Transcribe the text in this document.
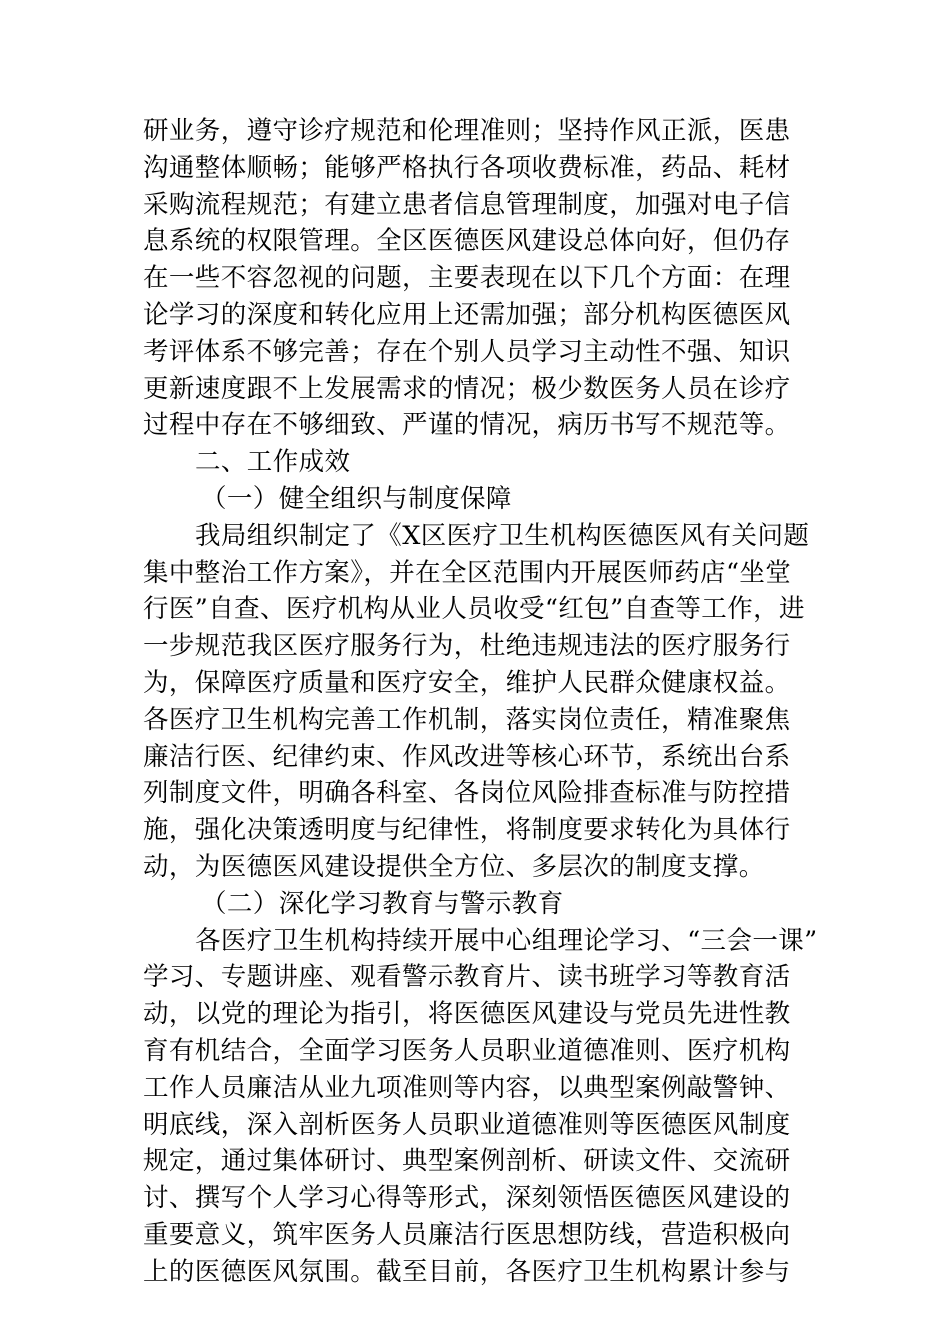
研业务，遵守诊疗规范和伦理准则；坚持作风正派，医患
沟通整体顺畅；能够严格执行各项收费标准，药品、耗材
采购流程规范；有建立患者信息管理制度，加强对电子信
息系统的权限管理。全区医德医风建设总体向好，但仍存
在一些不容忽视的问题，主要表现在以下几个方面：在理
论学习的深度和转化应用上还需加强；部分机构医德医风
考评体系不够完善；存在个别人员学习主动性不强、知识
更新速度跟不上发展需求的情况；极少数医务人员在诊疗
过程中存在不够细致、严谨的情况，病历书写不规范等。
二、工作成效
（一）健全组织与制度保障
我局组织制定了《X区医疗卫生机构医德医风有关问题
集中整治工作方案》，并在全区范围内开展医师药店“坐堂
行医”自查、医疗机构从业人员收受“红包”自查等工作，进
一步规范我区医疗服务行为，杜绝违规违法的医疗服务行
为，保障医疗质量和医疗安全，维护人民群众健康权益。
各医疗卫生机构完善工作机制，落实岗位责任，精准聚焦
廉洁行医、纪律约束、作风改进等核心环节，系统出台系
列制度文件，明确各科室、各岗位风险排查标准与防控措
施，强化决策透明度与纪律性，将制度要求转化为具体行
动，为医德医风建设提供全方位、多层次的制度支撑。
（二）深化学习教育与警示教育
各医疗卫生机构持续开展中心组理论学习、“三会一课”
学习、专题讲座、观看警示教育片、读书班学习等教育活
动，以党的理论为指引，将医德医风建设与党员先进性教
育有机结合，全面学习医务人员职业道德准则、医疗机构
工作人员廉洁从业九项准则等内容，以典型案例敲警钟、
明底线，深入剖析医务人员职业道德准则等医德医风制度
规定，通过集体研讨、典型案例剖析、研读文件、交流研
讨、撰写个人学习心得等形式，深刻领悟医德医风建设的
重要意义，筑牢医务人员廉洁行医思想防线，营造积极向
上的医德医风氛围。截至目前，各医疗卫生机构累计参与
